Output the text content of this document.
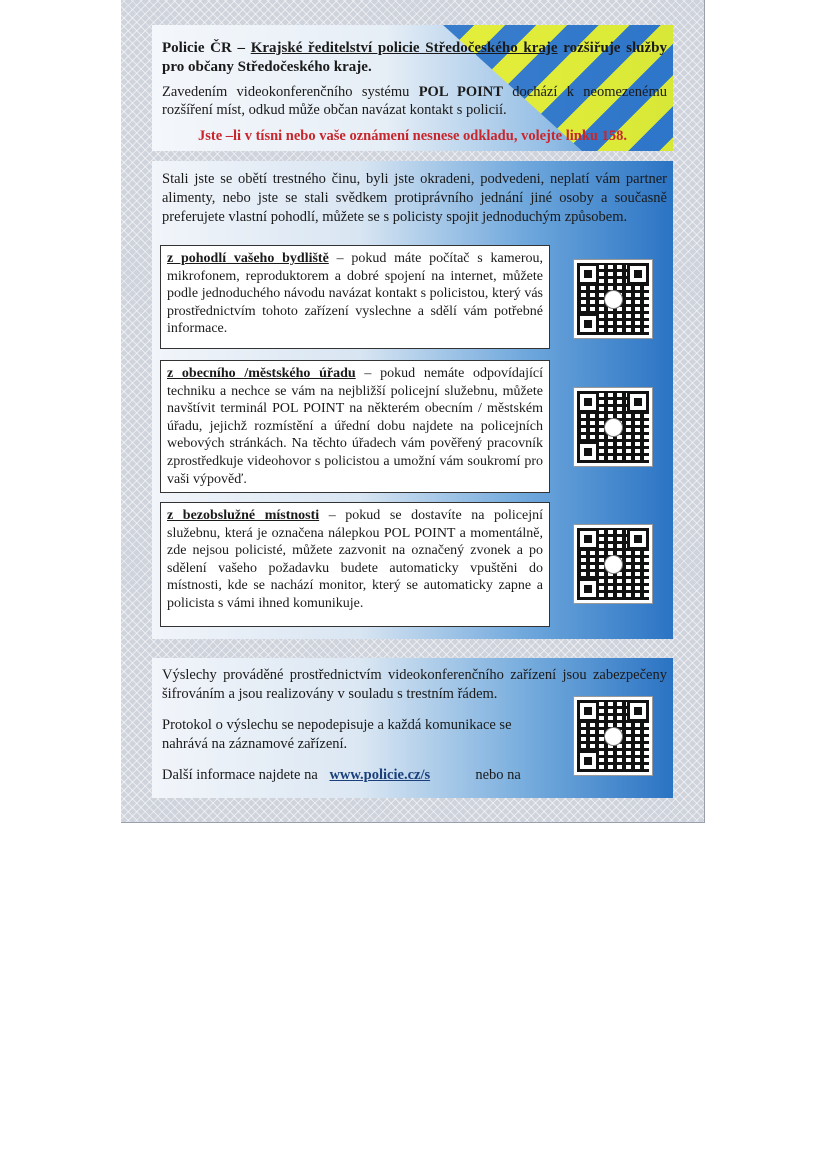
Policie ČR – Krajské ředitelství policie Středočeského kraje rozšiřuje služby pro občany Středočeského kraje.
Zavedením videokonferenčního systému POL POINT dochází k neomezenému rozšíření míst, odkud může občan navázat kontakt s policií.
Jste –li v tísni nebo vaše oznámení nesnese odkladu, volejte linku 158.
Stali jste se obětí trestného činu, byli jste okradeni, podvedeni, neplatí vám partner alimenty, nebo jste se stali svědkem protiprávního jednání jiné osoby a současně preferujete vlastní pohodlí, můžete se s policisty spojit jednoduchým způsobem.
z pohodlí vašeho bydliště – pokud máte počítač s kamerou, mikrofonem, reproduktorem a dobré spojení na internet, můžete podle jednoduchého návodu navázat kontakt s policistou, který vás prostřednictvím tohoto zařízení vyslechne a sdělí vám potřebné informace.
z obecního /městského úřadu – pokud nemáte odpovídající techniku a nechce se vám na nejbližší policejní služebnu, můžete navštívit terminál POL POINT na některém obecním / městském úřadu, jejichž rozmístění a úřední dobu najdete na policejních webových stránkách. Na těchto úřadech vám pověřený pracovník zprostředkuje videohovor s policistou a umožní vám soukromí pro vaši výpověď.
z bezobslužné místnosti – pokud se dostavíte na policejní služebnu, která je označena nálepkou POL POINT a momentálně, zde nejsou policisté, můžete zazvonit na označený zvonek a po sdělení vašeho požadavku budete automaticky vpuštěni do místnosti, kde se nachází monitor, který se automaticky zapne a policista s vámi ihned komunikuje.
Výslechy prováděné prostřednictvím videokonferenčního zařízení jsou zabezpečeny šifrováním a jsou realizovány v souladu s trestním řádem.
Protokol o výslechu se nepodepisuje a každá komunikace se nahrává na záznamové zařízení.
Další informace najdete na www.policie.cz/s	nebo na
